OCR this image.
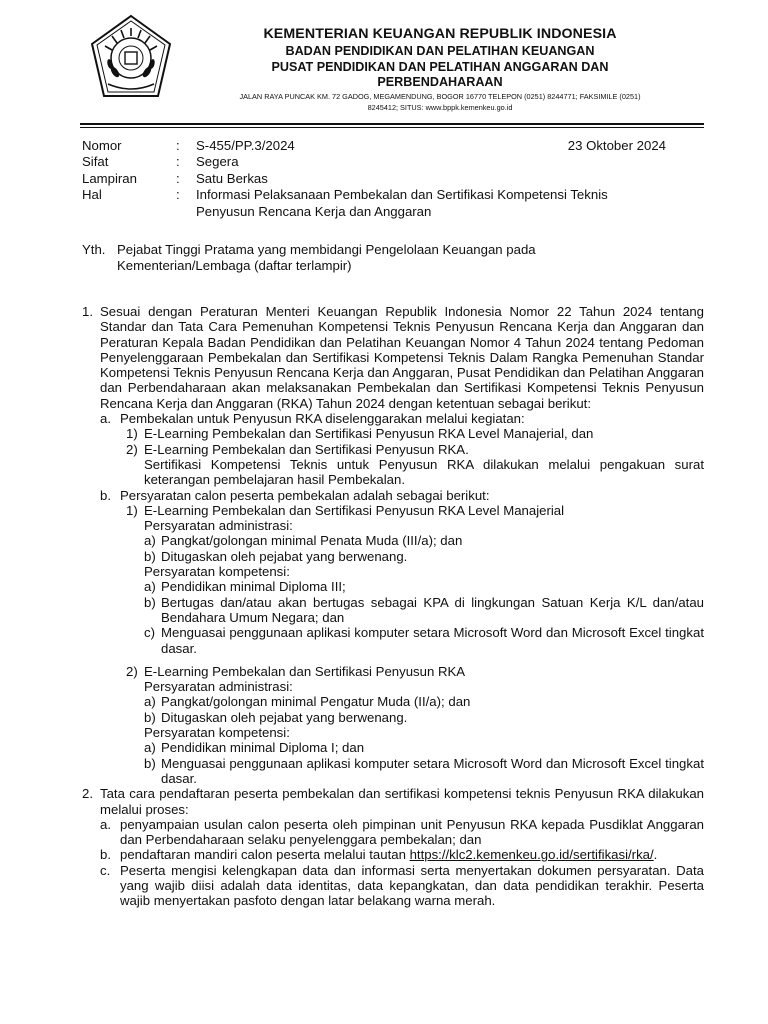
KEMENTERIAN KEUANGAN REPUBLIK INDONESIA
BADAN PENDIDIKAN DAN PELATIHAN KEUANGAN
PUSAT PENDIDIKAN DAN PELATIHAN ANGGARAN DAN
PERBENDAHARAAN
JALAN RAYA PUNCAK KM. 72 GADOG, MEGAMENDUNG, BOGOR 16770 TELEPON (0251) 8244771; FAKSIMILE (0251)
8245412; SITUS: www.bppk.kemenkeu.go.id
23 Oktober 2024
Nomor	:	S-455/PP.3/2024
Sifat	:	Segera
Lampiran	:	Satu Berkas
Hal	:	Informasi Pelaksanaan Pembekalan dan Sertifikasi Kompetensi Teknis
Penyusun Rencana Kerja dan Anggaran
Yth. Pejabat Tinggi Pratama yang membidangi Pengelolaan Keuangan pada
Kementerian/Lembaga (daftar terlampir)
1. Sesuai dengan Peraturan Menteri Keuangan Republik Indonesia Nomor 22 Tahun 2024 tentang Standar dan Tata Cara Pemenuhan Kompetensi Teknis Penyusun Rencana Kerja dan Anggaran dan Peraturan Kepala Badan Pendidikan dan Pelatihan Keuangan Nomor 4 Tahun 2024 tentang Pedoman Penyelenggaraan Pembekalan dan Sertifikasi Kompetensi Teknis Dalam Rangka Pemenuhan Standar Kompetensi Teknis Penyusun Rencana Kerja dan Anggaran, Pusat Pendidikan dan Pelatihan Anggaran dan Perbendaharaan akan melaksanakan Pembekalan dan Sertifikasi Kompetensi Teknis Penyusun Rencana Kerja dan Anggaran (RKA) Tahun 2024 dengan ketentuan sebagai berikut:
a. Pembekalan untuk Penyusun RKA diselenggarakan melalui kegiatan:
1) E-Learning Pembekalan dan Sertifikasi Penyusun RKA Level Manajerial, dan
2) E-Learning Pembekalan dan Sertifikasi Penyusun RKA.
Sertifikasi Kompetensi Teknis untuk Penyusun RKA dilakukan melalui pengakuan surat keterangan pembelajaran hasil Pembekalan.
b. Persyaratan calon peserta pembekalan adalah sebagai berikut:
1) E-Learning Pembekalan dan Sertifikasi Penyusun RKA Level Manajerial
Persyaratan administrasi:
a) Pangkat/golongan minimal Penata Muda (III/a); dan
b) Ditugaskan oleh pejabat yang berwenang.
Persyaratan kompetensi:
a) Pendidikan minimal Diploma III;
b) Bertugas dan/atau akan bertugas sebagai KPA di lingkungan Satuan Kerja K/L dan/atau Bendahara Umum Negara; dan
c) Menguasai penggunaan aplikasi komputer setara Microsoft Word dan Microsoft Excel tingkat dasar.
2) E-Learning Pembekalan dan Sertifikasi Penyusun RKA
Persyaratan administrasi:
a) Pangkat/golongan minimal Pengatur Muda (II/a); dan
b) Ditugaskan oleh pejabat yang berwenang.
Persyaratan kompetensi:
a) Pendidikan minimal Diploma I; dan
b) Menguasai penggunaan aplikasi komputer setara Microsoft Word dan Microsoft Excel tingkat dasar.
2. Tata cara pendaftaran peserta pembekalan dan sertifikasi kompetensi teknis Penyusun RKA dilakukan melalui proses:
a. penyampaian usulan calon peserta oleh pimpinan unit Penyusun RKA kepada Pusdiklat Anggaran dan Perbendaharaan selaku penyelenggara pembekalan; dan
b. pendaftaran mandiri calon peserta melalui tautan https://klc2.kemenkeu.go.id/sertifikasi/rka/.
c. Peserta mengisi kelengkapan data dan informasi serta menyertakan dokumen persyaratan. Data yang wajib diisi adalah data identitas, data kepangkatan, dan data pendidikan terakhir. Peserta wajib menyertakan pasfoto dengan latar belakang warna merah.
